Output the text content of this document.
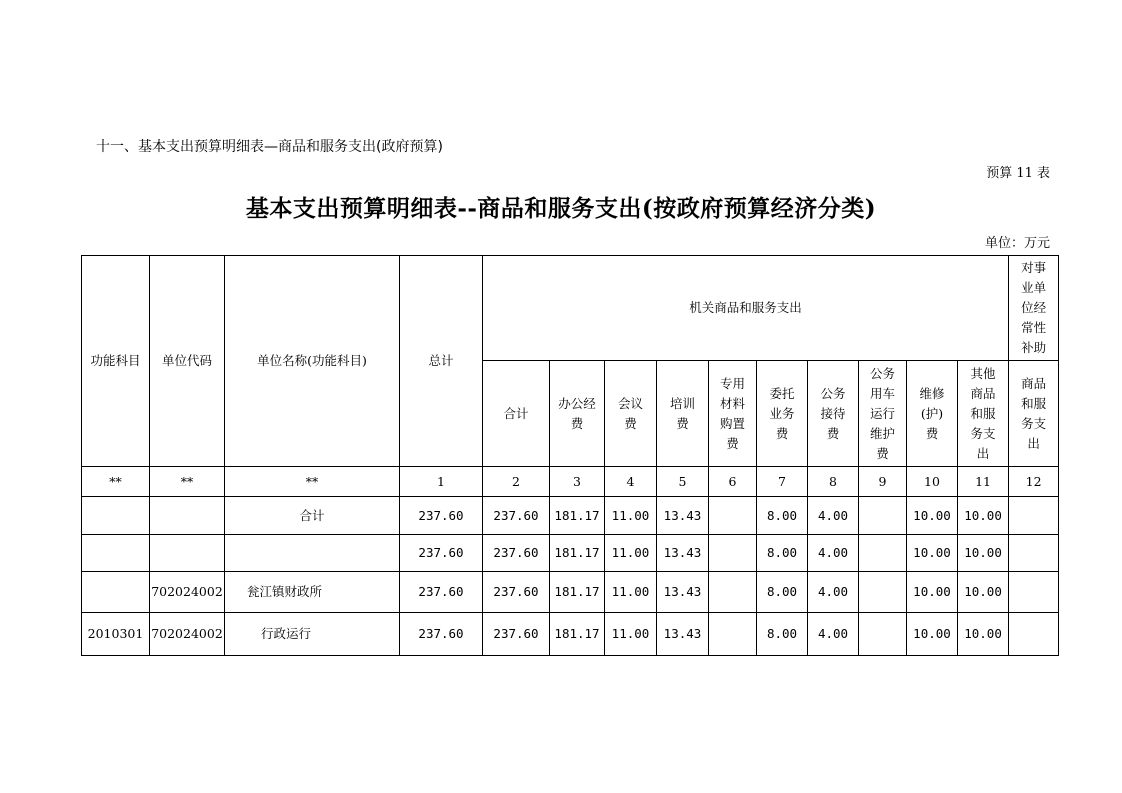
十一、基本支出预算明细表—商品和服务支出(政府预算)
预算 11 表
基本支出预算明细表--商品和服务支出(按政府预算经济分类)
单位：万元
功能科目	单位代码	单位名称(功能科目)	总计	机关商品和服务支出										对事业单位经常性补助
				合计	办公经费	会议费	培训费	专用材料购置费	委托业务费	公务接待费	公务用车运行维护费	维修(护)费	其他商品和服务支出	商品和服务支出
**	**	**	1	2	3	4	5	6	7	8	9	10	11	12
		合计	237.60	237.60	181.17	11.00	13.43		8.00	4.00		10.00	10.00	
			237.60	237.60	181.17	11.00	13.43		8.00	4.00		10.00	10.00	
	702024002	瓮江镇财政所	237.60	237.60	181.17	11.00	13.43		8.00	4.00		10.00	10.00	
2010301	702024002	行政运行	237.60	237.60	181.17	11.00	13.43		8.00	4.00		10.00	10.00	
